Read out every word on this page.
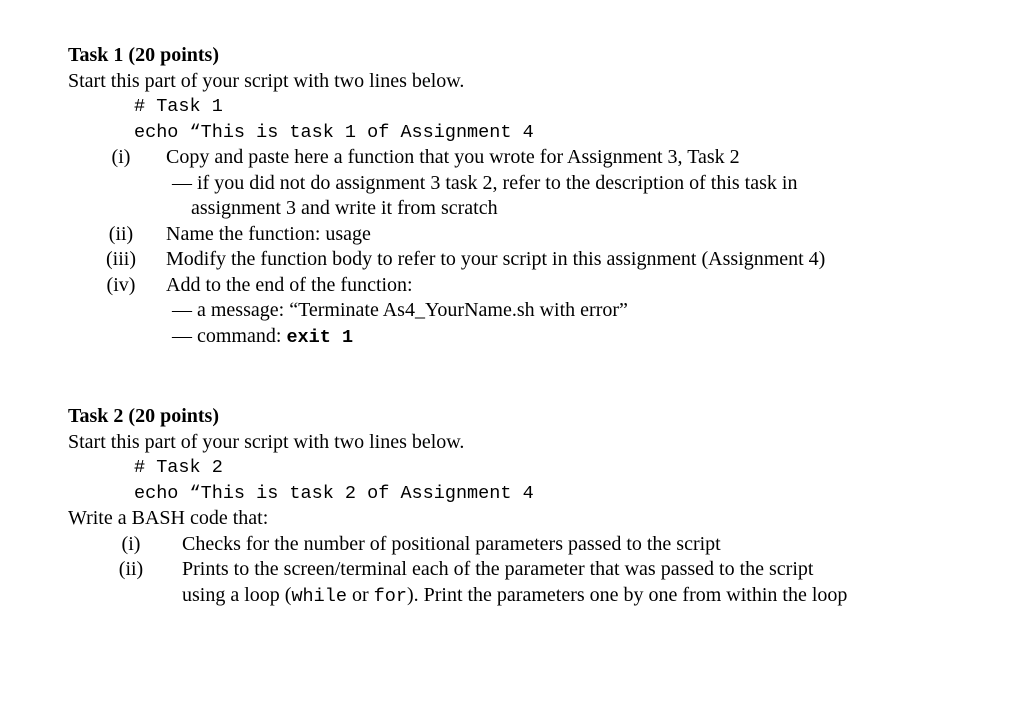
Task 1 (20 points)
Start this part of your script with two lines below.
# Task 1
echo “This is task 1 of Assignment 4
(i)	Copy and paste here a function that you wrote for Assignment 3, Task 2
— if you did not do assignment 3 task 2, refer to the description of this task in
assignment 3 and write it from scratch
(ii)	Name the function: usage
(iii)	Modify the function body to refer to your script in this assignment (Assignment 4)
(iv)	Add to the end of the function:
— a message: “Terminate As4_YourName.sh with error”
— command: exit 1
Task 2 (20 points)
Start this part of your script with two lines below.
# Task 2
echo “This is task 2 of Assignment 4
Write a BASH code that:
(i)	Checks for the number of positional parameters passed to the script
(ii)	Prints to the screen/terminal each of the parameter that was passed to the script
using a loop (while or for). Print the parameters one by one from within the loop
